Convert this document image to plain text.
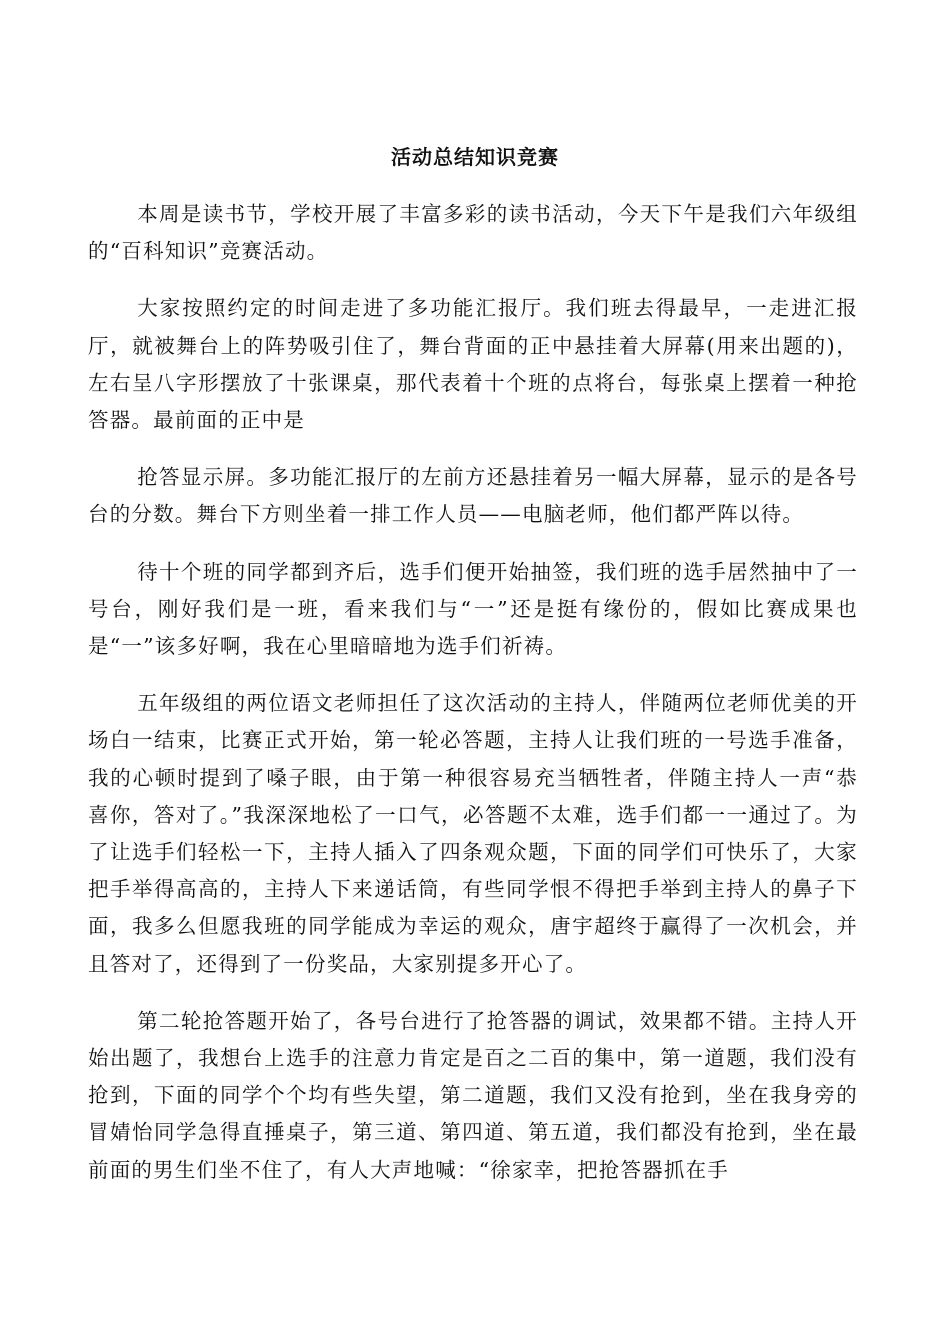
活动总结知识竞赛

本周是读书节，学校开展了丰富多彩的读书活动，今天下午是我们六年级组的“百科知识”竞赛活动。

大家按照约定的时间走进了多功能汇报厅。我们班去得最早，一走进汇报厅，就被舞台上的阵势吸引住了，舞台背面的正中悬挂着大屏幕(用来出题的)，左右呈八字形摆放了十张课桌，那代表着十个班的点将台，每张桌上摆着一种抢答器。最前面的正中是

抢答显示屏。多功能汇报厅的左前方还悬挂着另一幅大屏幕，显示的是各号台的分数。舞台下方则坐着一排工作人员——电脑老师，他们都严阵以待。

待十个班的同学都到齐后，选手们便开始抽签，我们班的选手居然抽中了一号台，刚好我们是一班，看来我们与“一”还是挺有缘份的，假如比赛成果也是“一”该多好啊，我在心里暗暗地为选手们祈祷。

五年级组的两位语文老师担任了这次活动的主持人，伴随两位老师优美的开场白一结束，比赛正式开始，第一轮必答题，主持人让我们班的一号选手准备，我的心顿时提到了嗓子眼，由于第一种很容易充当牺牲者，伴随主持人一声“恭喜你，答对了。”我深深地松了一口气，必答题不太难，选手们都一一通过了。为了让选手们轻松一下，主持人插入了四条观众题，下面的同学们可快乐了，大家把手举得高高的，主持人下来递话筒，有些同学恨不得把手举到主持人的鼻子下面，我多么但愿我班的同学能成为幸运的观众，唐宇超终于赢得了一次机会，并且答对了，还得到了一份奖品，大家别提多开心了。

第二轮抢答题开始了，各号台进行了抢答器的调试，效果都不错。主持人开始出题了，我想台上选手的注意力肯定是百之二百的集中，第一道题，我们没有抢到，下面的同学个个均有些失望，第二道题，我们又没有抢到，坐在我身旁的冒婧怡同学急得直捶桌子，第三道、第四道、第五道，我们都没有抢到，坐在最前面的男生们坐不住了，有人大声地喊：“徐家幸，把抢答器抓在手
